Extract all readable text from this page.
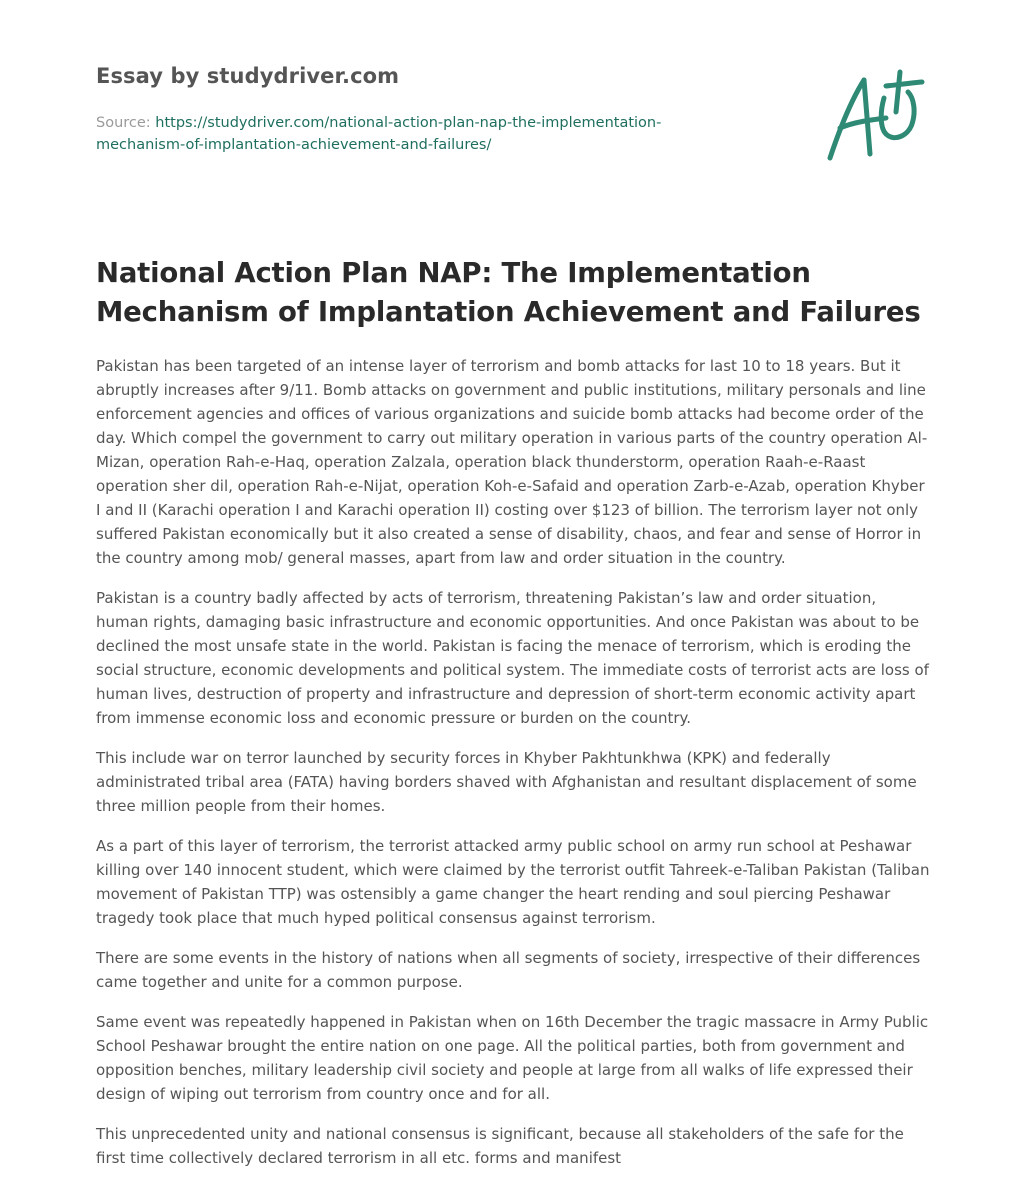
Essay by studydriver.com
Source: https://studydriver.com/national-action-plan-nap-the-implementation-mechanism-of-implantation-achievement-and-failures/
National Action Plan NAP: The Implementation Mechanism of Implantation Achievement and Failures

Pakistan has been targeted of an intense layer of terrorism and bomb attacks for last 10 to 18 years. But it abruptly increases after 9/11. Bomb attacks on government and public institutions, military personals and line enforcement agencies and offices of various organizations and suicide bomb attacks had become order of the day. Which compel the government to carry out military operation in various parts of the country operation Al-Mizan, operation Rah-e-Haq, operation Zalzala, operation black thunderstorm, operation Raah-e-Raast operation sher dil, operation Rah-e-Nijat, operation Koh-e-Safaid and operation Zarb-e-Azab, operation Khyber I and II (Karachi operation I and Karachi operation II) costing over $123 of billion. The terrorism layer not only suffered Pakistan economically but it also created a sense of disability, chaos, and fear and sense of Horror in the country among mob/ general masses, apart from law and order situation in the country.

Pakistan is a country badly affected by acts of terrorism, threatening Pakistan’s law and order situation, human rights, damaging basic infrastructure and economic opportunities. And once Pakistan was about to be declined the most unsafe state in the world. Pakistan is facing the menace of terrorism, which is eroding the social structure, economic developments and political system. The immediate costs of terrorist acts are loss of human lives, destruction of property and infrastructure and depression of short-term economic activity apart from immense economic loss and economic pressure or burden on the country.

This include war on terror launched by security forces in Khyber Pakhtunkhwa (KPK) and federally administrated tribal area (FATA) having borders shaved with Afghanistan and resultant displacement of some three million people from their homes.

As a part of this layer of terrorism, the terrorist attacked army public school on army run school at Peshawar killing over 140 innocent student, which were claimed by the terrorist outfit Tahreek-e-Taliban Pakistan (Taliban movement of Pakistan TTP) was ostensibly a game changer the heart rending and soul piercing Peshawar tragedy took place that much hyped political consensus against terrorism.

There are some events in the history of nations when all segments of society, irrespective of their differences came together and unite for a common purpose.

Same event was repeatedly happened in Pakistan when on 16th December the tragic massacre in Army Public School Peshawar brought the entire nation on one page. All the political parties, both from government and opposition benches, military leadership civil society and people at large from all walks of life expressed their design of wiping out terrorism from country once and for all.

This unprecedented unity and national consensus is significant, because all stakeholders of the safe for the first time collectively declared terrorism in all etc. forms and manifest
